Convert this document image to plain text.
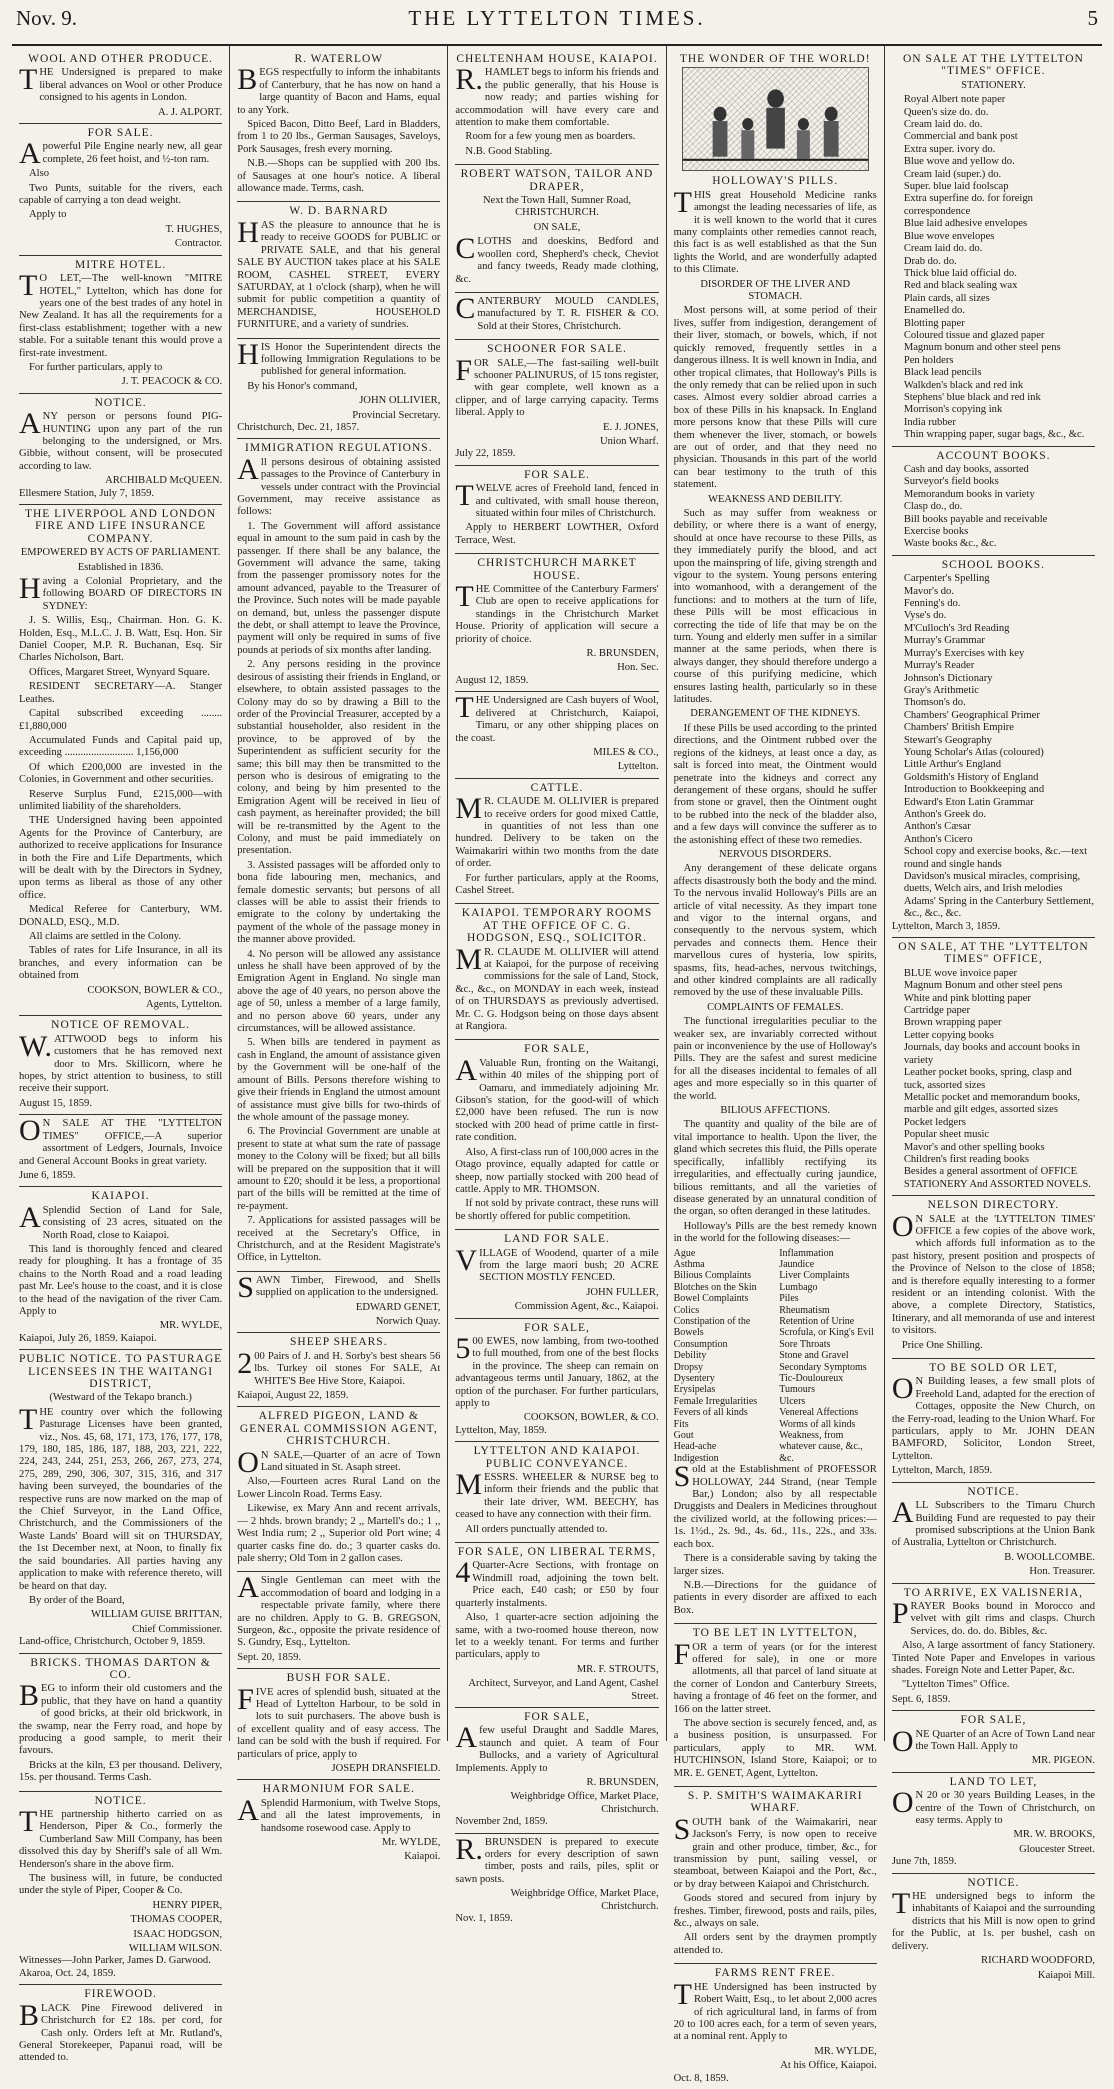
Nov. 9.	THE LYTTELTON TIMES.	5
WOOL AND OTHER PRODUCE.

THE Undersigned is prepared to make liberal advances on Wool or other Produce consigned to his agents in London.

A. J. ALPORT.
FOR SALE.

Apowerful Pile Engine nearly new, all gear complete, 26 feet hoist, and ½-ton ram.

Also

Two Punts, suitable for the rivers, each capable of carrying a ton dead weight.

Apply to

T. HUGHES,
Contractor.
MITRE HOTEL.

TO LET,—The well-known "MITRE HOTEL," Lyttelton, which has done for years one of the best trades of any hotel in New Zealand. It has all the requirements for a first-class establishment; together with a new stable. For a suitable tenant this would prove a first-rate investment.

For further particulars, apply to

J. T. PEACOCK & CO.
NOTICE.

ANY person or persons found PIG-HUNTING upon any part of the run belonging to the undersigned, or Mrs. Gibbie, without consent, will be prosecuted according to law.

ARCHIBALD McQUEEN.
Ellesmere Station, July 7, 1859.
THE LIVERPOOL AND LONDON FIRE AND LIFE INSURANCE COMPANY.
EMPOWERED BY ACTS OF PARLIAMENT.
Established in 1836.

Having a Colonial Proprietary, and the following BOARD OF DIRECTORS IN SYDNEY:

J. S. Willis, Esq., Chairman. Hon. G. K. Holden, Esq., M.L.C. J. B. Watt, Esq. Hon. Sir Daniel Cooper, M.P. R. Buchanan, Esq. Sir Charles Nicholson, Bart.

Offices, Margaret Street, Wynyard Square.

RESIDENT SECRETARY—A. Stanger Leathes.

Capital subscribed exceeding ........£1,880,000

Accumulated Funds and Capital paid up, exceeding .......................... 1,156,000

Of which £200,000 are invested in the Colonies, in Government and other securities.

Reserve Surplus Fund, £215,000—with unlimited liability of the shareholders.

THE Undersigned having been appointed Agents for the Province of Canterbury, are authorized to receive applications for Insurance in both the Fire and Life Departments, which will be dealt with by the Directors in Sydney, upon terms as liberal as those of any other office.

Medical Referee for Canterbury, WM. DONALD, ESQ., M.D.

All claims are settled in the Colony.

Tables of rates for Life Insurance, in all its branches, and every information can be obtained from

COOKSON, BOWLER & CO.,
Agents, Lyttelton.
NOTICE OF REMOVAL.

W.ATTWOOD begs to inform his customers that he has removed next door to Mrs. Skillicorn, where he hopes, by strict attention to business, to still receive their support.

August 15, 1859.

ON SALE AT THE "LYTTELTON TIMES" OFFICE,—A superior assortment of Ledgers, Journals, Invoice and General Account Books in great variety.

June 6, 1859.
KAIAPOI.

ASplendid Section of Land for Sale, consisting of 23 acres, situated on the North Road, close to Kaiapoi.

This land is thoroughly fenced and cleared ready for ploughing. It has a frontage of 35 chains to the North Road and a road leading past Mr. Lee's house to the coast, and it is close to the head of the navigation of the river Cam. Apply to

MR. WYLDE,
Kaiapoi, July 26, 1859. Kaiapoi.
PUBLIC NOTICE. TO PASTURAGE LICENSEES IN THE WAITANGI DISTRICT,
(Westward of the Tekapo branch.)

THE country over which the following Pasturage Licenses have been granted, viz., Nos. 45, 68, 171, 173, 176, 177, 178, 179, 180, 185, 186, 187, 188, 203, 221, 222, 224, 243, 244, 251, 253, 266, 267, 273, 274, 275, 289, 290, 306, 307, 315, 316, and 317 having been surveyed, the boundaries of the respective runs are now marked on the map of the Chief Surveyor, in the Land Office, Christchurch, and the Commissioners of the Waste Lands' Board will sit on THURSDAY, the 1st December next, at Noon, to finally fix the said boundaries. All parties having any application to make with reference thereto, will be heard on that day.

By order of the Board,

WILLIAM GUISE BRITTAN,
Chief Commissioner.
Land-office, Christchurch, October 9, 1859.
BRICKS. THOMAS DARTON & CO.

BEG to inform their old customers and the public, that they have on hand a quantity of good bricks, at their old brickwork, in the swamp, near the Ferry road, and hope by producing a good sample, to merit their favours.

Bricks at the kiln, £3 per thousand. Delivery, 15s. per thousand. Terms Cash.

NOTICE.

THE partnership hitherto carried on as Henderson, Piper & Co., formerly the Cumberland Saw Mill Company, has been dissolved this day by Sheriff's sale of all Wm. Henderson's share in the above firm.

The business will, in future, be conducted under the style of Piper, Cooper & Co.

HENRY PIPER,
THOMAS COOPER,
ISAAC HODGSON,
WILLIAM WILSON.
Witnesses—John Parker, James D. Garwood. Akaroa, Oct. 24, 1859.
FIREWOOD.

BLACK Pine Firewood delivered in Christchurch for £2 18s. per cord, for Cash only. Orders left at Mr. Rutland's, General Storekeeper, Papanui road, will be attended to.

R. WATERLOW

BEGS respectfully to inform the inhabitants of Canterbury, that he has now on hand a large quantity of Bacon and Hams, equal to any York.

Spiced Bacon, Ditto Beef, Lard in Bladders, from 1 to 20 lbs., German Sausages, Saveloys, Pork Sausages, fresh every morning.

N.B.—Shops can be supplied with 200 lbs. of Sausages at one hour's notice. A liberal allowance made. Terms, cash.

W. D. BARNARD

HAS the pleasure to announce that he is ready to receive GOODS for PUBLIC or PRIVATE SALE, and that his general SALE BY AUCTION takes place at his SALE ROOM, CASHEL STREET, EVERY SATURDAY, at 1 o'clock (sharp), when he will submit for public competition a quantity of MERCHANDISE, HOUSEHOLD FURNITURE, and a variety of sundries.

HIS Honor the Superintendent directs the following Immigration Regulations to be published for general information.

By his Honor's command,

JOHN OLLIVIER,
Provincial Secretary.
Christchurch, Dec. 21, 1857.
IMMIGRATION REGULATIONS.

All persons desirous of obtaining assisted passages to the Province of Canterbury in vessels under contract with the Provincial Government, may receive assistance as follows:

1. The Government will afford assistance equal in amount to the sum paid in cash by the passenger. If there shall be any balance, the Government will advance the same, taking from the passenger promissory notes for the amount advanced, payable to the Treasurer of the Province. Such notes will be made payable on demand, but, unless the passenger dispute the debt, or shall attempt to leave the Province, payment will only be required in sums of five pounds at periods of six months after landing.

2. Any persons residing in the province desirous of assisting their friends in England, or elsewhere, to obtain assisted passages to the Colony may do so by drawing a Bill to the order of the Provincial Treasurer, accepted by a substantial householder, also resident in the province, to be approved of by the Superintendent as sufficient security for the same; this bill may then be transmitted to the person who is desirous of emigrating to the colony, and being by him presented to the Emigration Agent will be received in lieu of cash payment, as hereinafter provided; the bill will be re-transmitted by the Agent to the Colony, and must be paid immediately on presentation.

3. Assisted passages will be afforded only to bona fide labouring men, mechanics, and female domestic servants; but persons of all classes will be able to assist their friends to emigrate to the colony by undertaking the payment of the whole of the passage money in the manner above provided.

4. No person will be allowed any assistance unless he shall have been approved of by the Emigration Agent in England. No single man above the age of 40 years, no person above the age of 50, unless a member of a large family, and no person above 60 years, under any circumstances, will be allowed assistance.

5. When bills are tendered in payment as cash in England, the amount of assistance given by the Government will be one-half of the amount of Bills. Persons therefore wishing to give their friends in England the utmost amount of assistance must give bills for two-thirds of the whole amount of the passage money.

6. The Provincial Government are unable at present to state at what sum the rate of passage money to the Colony will be fixed; but all bills will be prepared on the supposition that it will amount to £20; should it be less, a proportional part of the bills will be remitted at the time of re-payment.

7. Applications for assisted passages will be received at the Secretary's Office, in Christchurch, and at the Resident Magistrate's Office, in Lyttelton.

SAWN Timber, Firewood, and Shells supplied on application to the undersigned.

EDWARD GENET,
Norwich Quay.
SHEEP SHEARS.

200 Pairs of J. and H. Sorby's best shears 56 lbs. Turkey oil stones For SALE, At WHITE'S Bee Hive Store, Kaiapoi.

Kaiapoi, August 22, 1859.
ALFRED PIGEON, LAND & GENERAL COMMISSION AGENT, CHRISTCHURCH.

ON SALE,—Quarter of an acre of Town Land situated in St. Asaph street.

Also,—Fourteen acres Rural Land on the Lower Lincoln Road. Terms Easy.

Likewise, ex Mary Ann and recent arrivals,— 2 hhds. brown brandy; 2 ,, Martell's do.; 1 ,, West India rum; 2 ,, Superior old Port wine; 4 quarter casks fine do. do.; 3 quarter casks do. pale sherry; Old Tom in 2 gallon cases.

ASingle Gentleman can meet with the accommodation of board and lodging in a respectable private family, where there are no children. Apply to G. B. GREGSON, Surgeon, &c., opposite the private residence of S. Gundry, Esq., Lyttelton.

Sept. 20, 1859.
BUSH FOR SALE.

FIVE acres of splendid bush, situated at the Head of Lyttelton Harbour, to be sold in lots to suit purchasers. The above bush is of excellent quality and of easy access. The land can be sold with the bush if required. For particulars of price, apply to

JOSEPH DRANSFIELD.
HARMONIUM FOR SALE.

ASplendid Harmonium, with Twelve Stops, and all the latest improvements, in handsome rosewood case. Apply to

Mr. WYLDE,
Kaiapoi.
CHELTENHAM HOUSE, KAIAPOI.

R.HAMLET begs to inform his friends and the public generally, that his House is now ready; and parties wishing for accommodation will have every care and attention to make them comfortable.

Room for a few young men as boarders.

N.B. Good Stabling.

ROBERT WATSON, TAILOR AND DRAPER,
Next the Town Hall, Sumner Road, CHRISTCHURCH.
ON SALE,

CLOTHS and doeskins, Bedford and woollen cord, Shepherd's check, Cheviot and fancy tweeds, Ready made clothing, &c.

CANTERBURY MOULD CANDLES, manufactured by T. R. FISHER & CO. Sold at their Stores, Christchurch.

SCHOONER FOR SALE.

FOR SALE,—The fast-sailing well-built schooner PALINURUS, of 15 tons register, with gear complete, well known as a clipper, and of large carrying capacity. Terms liberal. Apply to

E. J. JONES,
Union Wharf.
July 22, 1859.
FOR SALE.

TWELVE acres of Freehold land, fenced in and cultivated, with small house thereon, situated within four miles of Christchurch.

Apply to HERBERT LOWTHER, Oxford Terrace, West.

CHRISTCHURCH MARKET HOUSE.

THE Committee of the Canterbury Farmers' Club are open to receive applications for standings in the Christchurch Market House. Priority of application will secure a priority of choice.

R. BRUNSDEN,
Hon. Sec.
August 12, 1859.

THE Undersigned are Cash buyers of Wool, delivered at Christchurch, Kaiapoi, Timaru, or any other shipping places on the coast.

MILES & CO.,
Lyttelton.
CATTLE.

MR. CLAUDE M. OLLIVIER is prepared to receive orders for good mixed Cattle, in quantities of not less than one hundred. Delivery to be taken on the Waimakariri within two months from the date of order.

For further particulars, apply at the Rooms, Cashel Street.

KAIAPOI. TEMPORARY ROOMS AT THE OFFICE OF C. G. HODGSON, ESQ., SOLICITOR.

MR. CLAUDE M. OLLIVIER will attend at Kaiapoi, for the purpose of receiving commissions for the sale of Land, Stock, &c., &c., on MONDAY in each week, instead of on THURSDAYS as previously advertised. Mr. C. G. Hodgson being on those days absent at Rangiora.

FOR SALE,

AValuable Run, fronting on the Waitangi, within 40 miles of the shipping port of Oamaru, and immediately adjoining Mr. Gibson's station, for the good-will of which £2,000 have been refused. The run is now stocked with 200 head of prime cattle in first-rate condition.

Also, A first-class run of 100,000 acres in the Otago province, equally adapted for cattle or sheep, now partially stocked with 200 head of cattle. Apply to MR. THOMSON.

If not sold by private contract, these runs will be shortly offered for public competition.

LAND FOR SALE.

VILLAGE of Woodend, quarter of a mile from the large maori bush; 20 ACRE SECTION MOSTLY FENCED.

JOHN FULLER,
Commission Agent, &c., Kaiapoi.
FOR SALE,

500 EWES, now lambing, from two-toothed to full mouthed, from one of the best flocks in the province. The sheep can remain on advantageous terms until January, 1862, at the option of the purchaser. For further particulars, apply to

COOKSON, BOWLER, & CO.
Lyttelton, May, 1859.
LYTTELTON AND KAIAPOI. PUBLIC CONVEYANCE.

MESSRS. WHEELER & NURSE beg to inform their friends and the public that their late driver, WM. BEECHY, has ceased to have any connection with their firm.

All orders punctually attended to.

FOR SALE, ON LIBERAL TERMS,

4Quarter-Acre Sections, with frontage on Windmill road, adjoining the town belt. Price each, £40 cash; or £50 by four quarterly instalments.

Also, 1 quarter-acre section adjoining the same, with a two-roomed house thereon, now let to a weekly tenant. For terms and further particulars, apply to

MR. F. STROUTS,
Architect, Surveyor, and Land Agent, Cashel Street.
FOR SALE,

Afew useful Draught and Saddle Mares, staunch and quiet. A team of Four Bullocks, and a variety of Agricultural Implements. Apply to

R. BRUNSDEN,
Weighbridge Office, Market Place, Christchurch.
November 2nd, 1859.

R.BRUNSDEN is prepared to execute orders for every description of sawn timber, posts and rails, piles, split or sawn posts.

Weighbridge Office, Market Place, Christchurch.
Nov. 1, 1859.
THE WONDER OF THE WORLD!
HOLLOWAY'S PILLS.

THIS great Household Medicine ranks amongst the leading necessaries of life, as it is well known to the world that it cures many complaints other remedies cannot reach, this fact is as well established as that the Sun lights the World, and are wonderfully adapted to this Climate.

DISORDER OF THE LIVER AND STOMACH.

Most persons will, at some period of their lives, suffer from indigestion, derangement of their liver, stomach, or bowels, which, if not quickly removed, frequently settles in a dangerous illness. It is well known in India, and other tropical climates, that Holloway's Pills is the only remedy that can be relied upon in such cases. Almost every soldier abroad carries a box of these Pills in his knapsack. In England more persons know that these Pills will cure them whenever the liver, stomach, or bowels are out of order, and that they need no physician. Thousands in this part of the world can bear testimony to the truth of this statement.

WEAKNESS AND DEBILITY.

Such as may suffer from weakness or debility, or where there is a want of energy, should at once have recourse to these Pills, as they immediately purify the blood, and act upon the mainspring of life, giving strength and vigour to the system. Young persons entering into womanhood, with a derangement of the functions: and to mothers at the turn of life, these Pills will be most efficacious in correcting the tide of life that may be on the turn. Young and elderly men suffer in a similar manner at the same periods, when there is always danger, they should therefore undergo a course of this purifying medicine, which ensures lasting health, particularly so in these latitudes.

DERANGEMENT OF THE KIDNEYS.

If these Pills be used according to the printed directions, and the Ointment rubbed over the regions of the kidneys, at least once a day, as salt is forced into meat, the Ointment would penetrate into the kidneys and correct any derangement of these organs, should he suffer from stone or gravel, then the Ointment ought to be rubbed into the neck of the bladder also, and a few days will convince the sufferer as to the astonishing effect of these two remedies.

NERVOUS DISORDERS.

Any derangement of these delicate organs affects disastrously both the body and the mind. To the nervous invalid Holloway's Pills are an article of vital necessity. As they impart tone and vigor to the internal organs, and consequently to the nervous system, which pervades and connects them. Hence their marvellous cures of hysteria, low spirits, spasms, fits, head-aches, nervous twitchings, and other kindred complaints are all radically removed by the use of these invaluable Pills.

COMPLAINTS OF FEMALES.

The functional irregularities peculiar to the weaker sex, are invariably corrected without pain or inconvenience by the use of Holloway's Pills. They are the safest and surest medicine for all the diseases incidental to females of all ages and more especially so in this quarter of the world.

BILIOUS AFFECTIONS.

The quantity and quality of the bile are of vital importance to health. Upon the liver, the gland which secretes this fluid, the Pills operate specifically, infallibly rectifying its irregularities, and effectually curing jaundice, bilious remittants, and all the varieties of disease generated by an unnatural condition of the organ, so often deranged in these latitudes.

Holloway's Pills are the best remedy known in the world for the following diseases:—

Ague
Asthma
Bilious Complaints
Blotches on the Skin
Bowel Complaints
Colics
Constipation of the Bowels
Consumption
Debility
Dropsy
Dysentery
Erysipelas
Female Irregularities
Fevers of all kinds
Fits
Gout
Head-ache
Indigestion
Inflammation
Jaundice
Liver Complaints
Lumbago
Piles
Rheumatism
Retention of Urine
Scrofula, or King's Evil
Sore Throats
Stone and Gravel
Secondary Symptoms
Tic-Douloureux
Tumours
Ulcers
Venereal Affections
Worms of all kinds
Weakness, from whatever cause, &c., &c.

Sold at the Establishment of PROFESSOR HOLLOWAY, 244 Strand, (near Temple Bar,) London; also by all respectable Druggists and Dealers in Medicines throughout the civilized world, at the following prices:—1s. 1½d., 2s. 9d., 4s. 6d., 11s., 22s., and 33s. each box.

There is a considerable saving by taking the larger sizes.

N.B.—Directions for the guidance of patients in every disorder are affixed to each Box.

TO BE LET IN LYTTELTON,

FOR a term of years (or for the interest offered for sale), in one or more allotments, all that parcel of land situate at the corner of London and Canterbury Streets, having a frontage of 46 feet on the former, and 166 on the latter street.

The above section is securely fenced, and, as a business position, is unsurpassed. For particulars, apply to MR. WM. HUTCHINSON, Island Store, Kaiapoi; or to MR. E. GENET, Agent, Lyttelton.

S. P. SMITH'S WAIMAKARIRI WHARF.

SOUTH bank of the Waimakariri, near Jackson's Ferry, is now open to receive grain and other produce, timber, &c., for transmission by punt, sailing vessel, or steamboat, between Kaiapoi and the Port, &c., or by dray between Kaiapoi and Christchurch.

Goods stored and secured from injury by freshes. Timber, firewood, posts and rails, piles, &c., always on sale.

All orders sent by the draymen promptly attended to.

FARMS RENT FREE.

THE Undersigned has been instructed by Robert Waitt, Esq., to let about 2,000 acres of rich agricultural land, in farms of from 20 to 100 acres each, for a term of seven years, at a nominal rent. Apply to

MR. WYLDE,
At his Office, Kaiapoi.
Oct. 8, 1859.
ON SALE AT THE LYTTELTON "TIMES" OFFICE.
STATIONERY.
Royal Albert note paper
Queen's size do. do.
Cream laid do. do.
Commercial and bank post
Extra super. ivory do.
Blue wove and yellow do.
Cream laid (super.) do.
Super. blue laid foolscap
Extra superfine do. for foreign correspondence
Blue laid adhesive envelopes
Blue wove envelopes
Cream laid do. do.
Drab do. do.
Thick blue laid official do.
Red and black sealing wax
Plain cards, all sizes
Enamelled do.
Blotting paper
Coloured tissue and glazed paper
Magnum bonum and other steel pens
Pen holders
Black lead pencils
Walkden's black and red ink
Stephens' blue black and red ink
Morrison's copying ink
India rubber
Thin wrapping paper, sugar bags, &c., &c.
ACCOUNT BOOKS.
Cash and day books, assorted
Surveyor's field books
Memorandum books in variety
Clasp do., do.
Bill books payable and receivable
Exercise books
Waste books &c., &c.
SCHOOL BOOKS.
Carpenter's Spelling
Mavor's do.
Fenning's do.
Vyse's do.
M'Culloch's 3rd Reading
Murray's Grammar
Murray's Exercises with key
Murray's Reader
Johnson's Dictionary
Gray's Arithmetic
Thomson's do.
Chambers' Geographical Primer
Chambers' British Empire
Stewart's Geography
Young Scholar's Atlas (coloured)
Little Arthur's England
Goldsmith's History of England
Introduction to Bookkeeping and
Edward's Eton Latin Grammar
Anthon's Greek do.
Anthon's Cæsar
Anthon's Cicero
School copy and exercise books, &c.—text round and single hands
Davidson's musical miracles, comprising, duetts, Welch airs, and Irish melodies
Adams' Spring in the Canterbury Settlement, &c., &c., &c.
Lyttelton, March 3, 1859.
ON SALE, AT THE "LYTTELTON TIMES" OFFICE,
BLUE wove invoice paper
Magnum Bonum and other steel pens
White and pink blotting paper
Cartridge paper
Brown wrapping paper
Letter copying books
Journals, day books and account books in variety
Leather pocket books, spring, clasp and tuck, assorted sizes
Metallic pocket and memorandum books, marble and gilt edges, assorted sizes
Pocket ledgers
Popular sheet music
Mavor's and other spelling books
Children's first reading books
Besides a general assortment of OFFICE STATIONERY And ASSORTED NOVELS.
NELSON DIRECTORY.

ON SALE at the 'LYTTELTON TIMES' OFFICE a few copies of the above work, which affords full information as to the past history, present position and prospects of the Province of Nelson to the close of 1858; and is therefore equally interesting to a former resident or an intending colonist. With the above, a complete Directory, Statistics, Itinerary, and all memoranda of use and interest to visitors.

Price One Shilling.

TO BE SOLD OR LET,

ON Building leases, a few small plots of Freehold Land, adapted for the erection of Cottages, opposite the New Church, on the Ferry-road, leading to the Union Wharf. For particulars, apply to Mr. JOHN DEAN BAMFORD, Solicitor, London Street, Lyttelton.

Lyttelton, March, 1859.
NOTICE.

ALL Subscribers to the Timaru Church Building Fund are requested to pay their promised subscriptions at the Union Bank of Australia, Lyttelton or Christchurch.

B. WOOLLCOMBE.
Hon. Treasurer.
TO ARRIVE, EX VALISNERIA,

PRAYER Books bound in Morocco and velvet with gilt rims and clasps. Church Services, do. do. do. Bibles, &c.

Also, A large assortment of fancy Stationery. Tinted Note Paper and Envelopes in various shades. Foreign Note and Letter Paper, &c.

"Lyttelton Times" Office.

Sept. 6, 1859.
FOR SALE,

ONE Quarter of an Acre of Town Land near the Town Hall. Apply to

MR. PIGEON.
LAND TO LET,

ON 20 or 30 years Building Leases, in the centre of the Town of Christchurch, on easy terms. Apply to

MR. W. BROOKS,
Gloucester Street.
June 7th, 1859.
NOTICE.

THE undersigned begs to inform the inhabitants of Kaiapoi and the surrounding districts that his Mill is now open to grind for the Public, at 1s. per bushel, cash on delivery.

RICHARD WOODFORD,
Kaiapoi Mill.
